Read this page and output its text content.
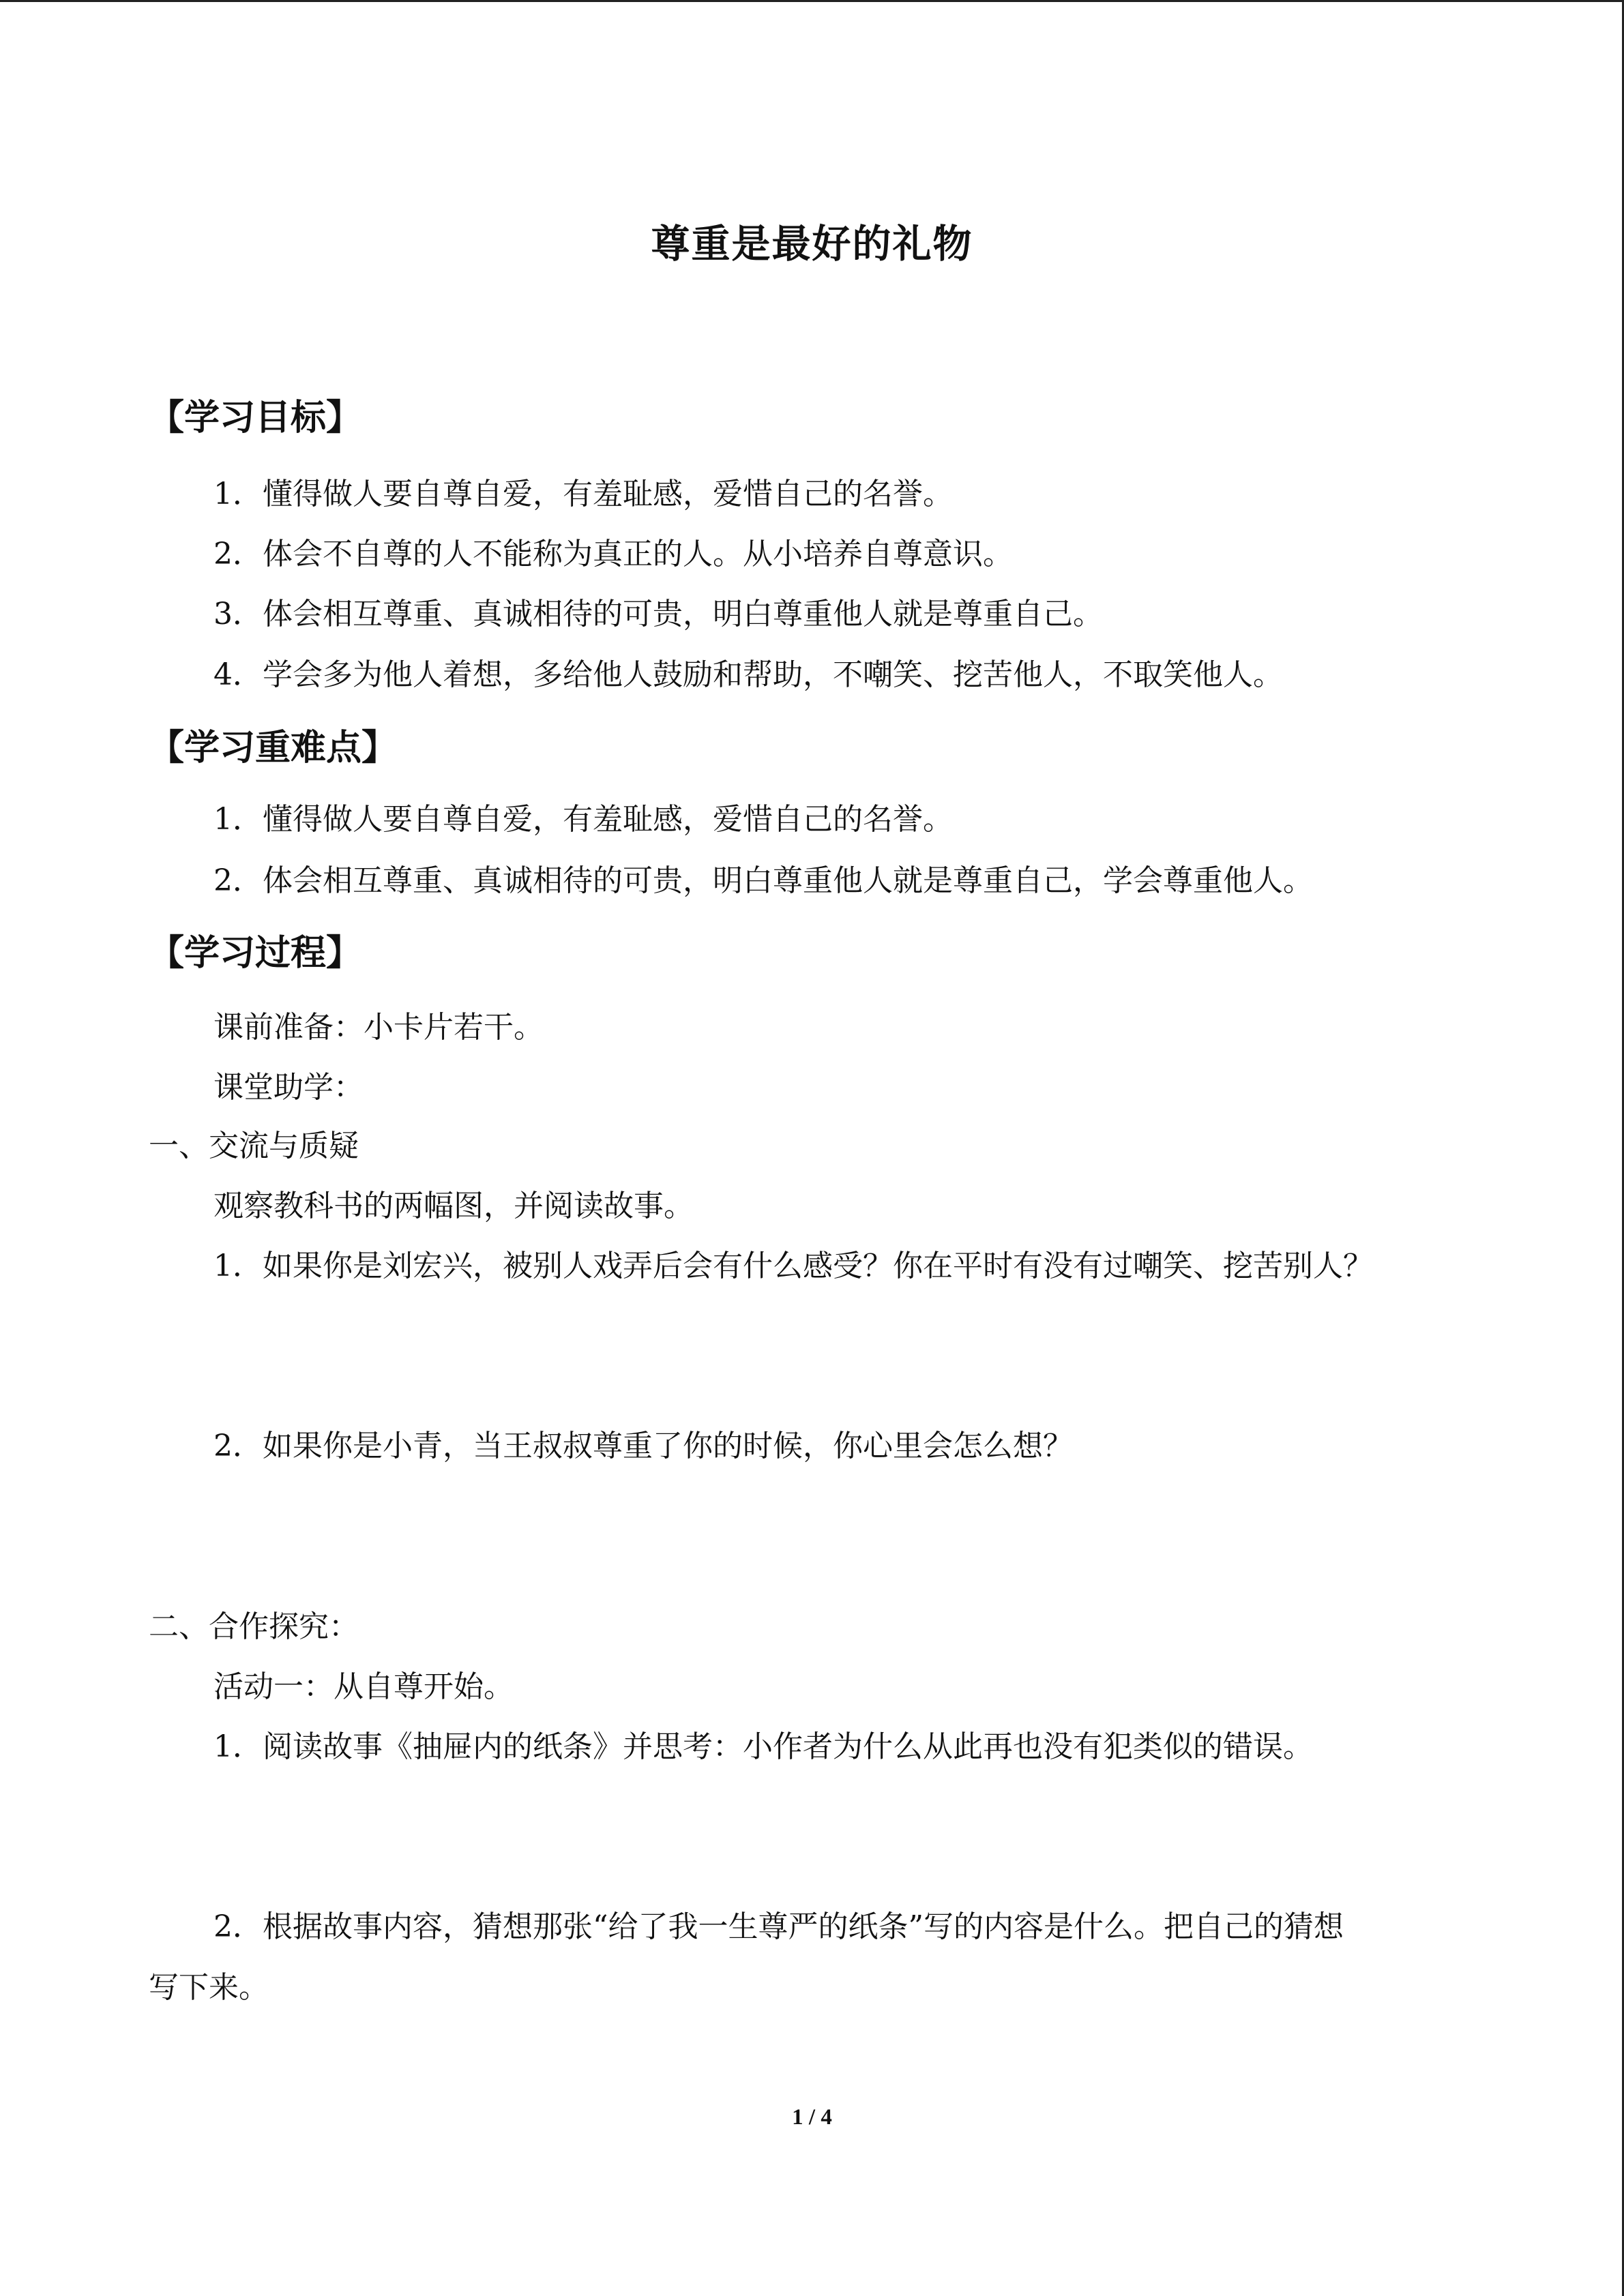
尊重是最好的礼物
【学习目标】
1．懂得做人要自尊自爱，有羞耻感，爱惜自己的名誉。
2．体会不自尊的人不能称为真正的人。从小培养自尊意识。
3．体会相互尊重、真诚相待的可贵，明白尊重他人就是尊重自己。
4．学会多为他人着想，多给他人鼓励和帮助，不嘲笑、挖苦他人，不取笑他人。
【学习重难点】
1．懂得做人要自尊自爱，有羞耻感，爱惜自己的名誉。
2．体会相互尊重、真诚相待的可贵，明白尊重他人就是尊重自己，学会尊重他人。
【学习过程】
课前准备：小卡片若干。
课堂助学：
一、交流与质疑
观察教科书的两幅图，并阅读故事。
1．如果你是刘宏兴，被别人戏弄后会有什么感受？你在平时有没有过嘲笑、挖苦别人？
2．如果你是小青，当王叔叔尊重了你的时候，你心里会怎么想？
二、合作探究：
活动一：从自尊开始。
1．阅读故事《抽屉内的纸条》并思考：小作者为什么从此再也没有犯类似的错误。
2．根据故事内容，猜想那张“给了我一生尊严的纸条”写的内容是什么。把自己的猜想
写下来。
1 / 4
